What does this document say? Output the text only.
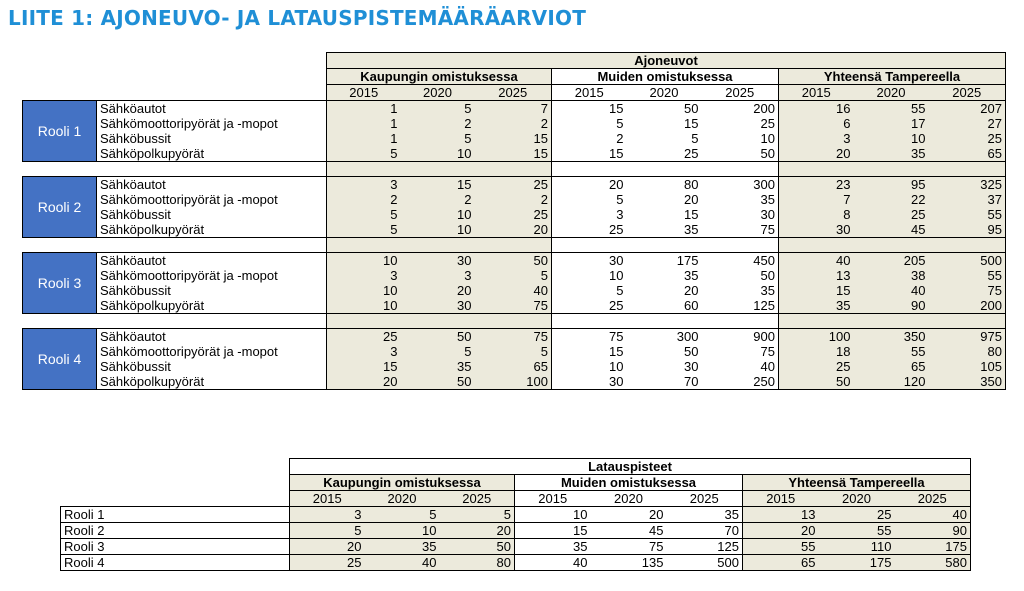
LIITE 1: AJONEUVO- JA LATAUSPISTEMÄÄRÄARVIOT
		Ajoneuvot								
		Kaupungin omistuksessa			Muiden omistuksessa			Yhteensä Tampereella		
		2015	2020	2025	2015	2020	2025	2015	2020	2025
Rooli 1	Sähköautot	1	5	7	15	50	200	16	55	207
	Sähkömoottoripyörät ja -mopot	1	2	2	5	15	25	6	17	27
	Sähköbussit	1	5	15	2	5	10	3	10	25
	Sähköpolkupyörät	5	10	15	15	25	50	20	35	65

Rooli 2	Sähköautot	3	15	25	20	80	300	23	95	325
	Sähkömoottoripyörät ja -mopot	2	2	2	5	20	35	7	22	37
	Sähköbussit	5	10	25	3	15	30	8	25	55
	Sähköpolkupyörät	5	10	20	25	35	75	30	45	95

Rooli 3	Sähköautot	10	30	50	30	175	450	40	205	500
	Sähkömoottoripyörät ja -mopot	3	3	5	10	35	50	13	38	55
	Sähköbussit	10	20	40	5	20	35	15	40	75
	Sähköpolkupyörät	10	30	75	25	60	125	35	90	200

Rooli 4	Sähköautot	25	50	75	75	300	900	100	350	975
	Sähkömoottoripyörät ja -mopot	3	5	5	15	50	75	18	55	80
	Sähköbussit	15	35	65	10	30	40	25	65	105
	Sähköpolkupyörät	20	50	100	30	70	250	50	120	350
	Latauspisteet								
	Kaupungin omistuksessa			Muiden omistuksessa			Yhteensä Tampereella		
	2015	2020	2025	2015	2020	2025	2015	2020	2025
Rooli 1	3	5	5	10	20	35	13	25	40
Rooli 2	5	10	20	15	45	70	20	55	90
Rooli 3	20	35	50	35	75	125	55	110	175
Rooli 4	25	40	80	40	135	500	65	175	580
